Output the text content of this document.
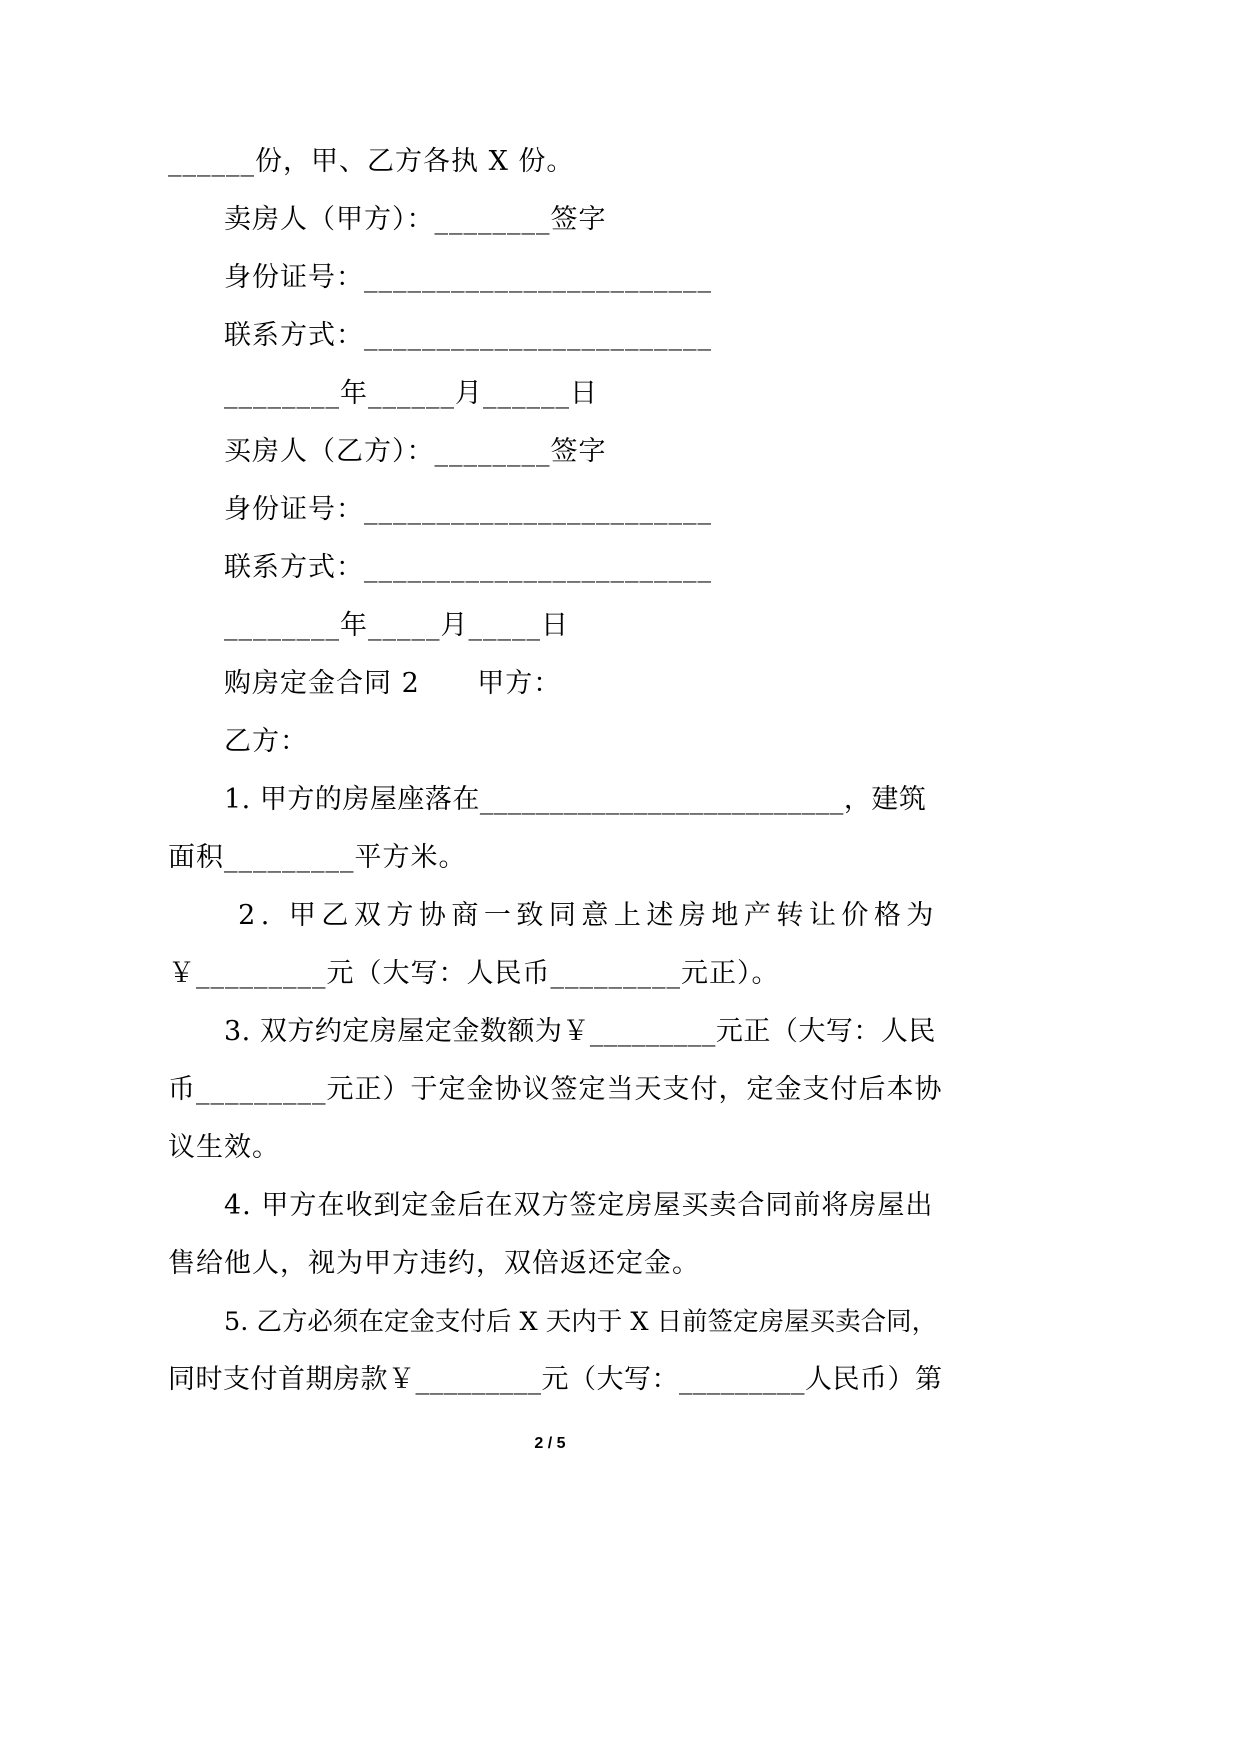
______份，甲、乙方各执 X 份。
卖房人（甲方）：________签字
身份证号：________________________
联系方式：________________________
________年______月______日
买房人（乙方）：________签字
身份证号：________________________
联系方式：________________________
________年_____月_____日
购房定金合同 2      甲方：
乙方：
1. 甲方的房屋座落在__________________________，建筑
面积_________平方米。
2. 甲乙双方协商一致同意上述房地产转让价格为
￥_________元（大写：人民币_________元正）。
3. 双方约定房屋定金数额为￥_________元正（大写：人民
币_________元正）于定金协议签定当天支付，定金支付后本协
议生效。
4. 甲方在收到定金后在双方签定房屋买卖合同前将房屋出
售给他人，视为甲方违约，双倍返还定金。
5. 乙方必须在定金支付后 X 天内于 X 日前签定房屋买卖合同，
同时支付首期房款￥_________元（大写：_________人民币）第
2 / 5
